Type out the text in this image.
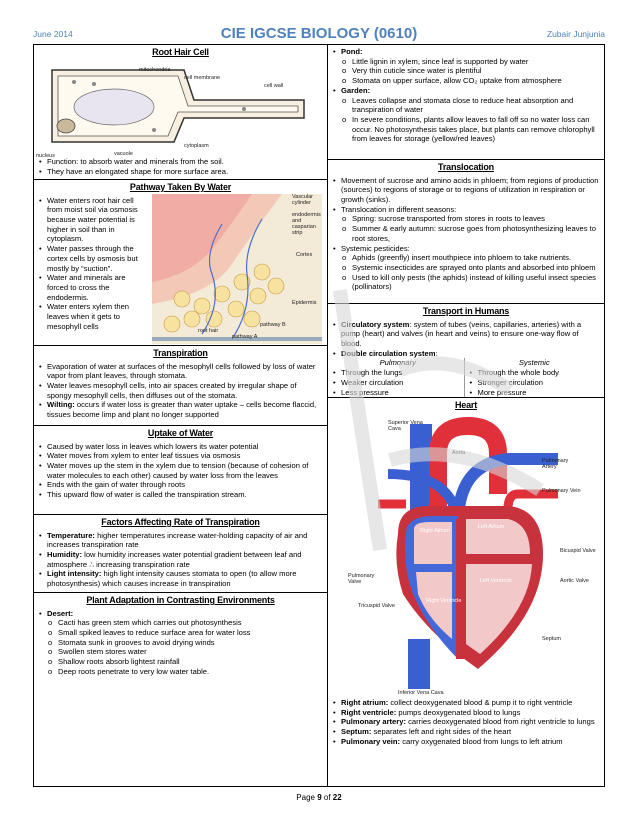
June 2014	CIE IGCSE BIOLOGY (0610)	Zubair Junjunia
Root Hair Cell
mitochondria
cell membrane
cell wall
nucleus	vacuole
cytoplasm
• Function: to absorb water and minerals from the soil.
• They have an elongated shape for more surface area.
Pathway Taken By Water
• Water enters root hair cell from moist soil via osmosis because water potential is higher in soil than in cytoplasm.
• Water passes through the cortex cells by osmosis but mostly by “suction”.
• Water and minerals are forced to cross the endodermis.
• Water enters xylem then leaves when it gets to mesophyll cells
Vascular cylinder
endodermis and casparian strip
Cortex
Epidermis
root hair
pathway A
pathway B
Transpiration
• Evaporation of water at surfaces of the mesophyll cells followed by loss of water vapor from plant leaves, through stomata.
• Water leaves mesophyll cells, into air spaces created by irregular shape of spongy mesophyll cells, then diffuses out of the stomata.
• Wilting: occurs if water loss is greater than water uptake – cells become flaccid, tissues become limp and plant no longer supported
Uptake of Water
• Caused by water loss in leaves which lowers its water potential
• Water moves from xylem to enter leaf tissues via osmosis
• Water moves up the stem in the xylem due to tension (because of cohesion of water molecules to each other) caused by water loss from the leaves
• Ends with the gain of water through roots
• This upward flow of water is called the transpiration stream.
Factors Affecting Rate of Transpiration
• Temperature: higher temperatures increase water-holding capacity of air and increases transpiration rate
• Humidity: low humidity increases water potential gradient between leaf and atmosphere ∴ increasing transpiration rate
• Light intensity: high light intensity causes stomata to open (to allow more photosynthesis) which causes increase in transpiration
Plant Adaptation in Contrasting Environments
• Desert:
o Cacti has green stem which carries out photosynthesis
o Small spiked leaves to reduce surface area for water loss
o Stomata sunk in grooves to avoid drying winds
o Swollen stem stores water
o Shallow roots absorb lightest rainfall
o Deep roots penetrate to very low water table.
• Pond:
o Little lignin in xylem, since leaf is supported by water
o Very thin cuticle since water is plentiful
o Stomata on upper surface, allow CO₂ uptake from atmosphere
• Garden:
o Leaves collapse and stomata close to reduce heat absorption and transpiration of water
o In severe conditions, plants allow leaves to fall off so no water loss can occur. No photosynthesis takes place, but plants can remove chlorophyll from leaves for storage (yellow/red leaves)
Translocation
• Movement of sucrose and amino acids in phloem; from regions of production (sources) to regions of storage or to regions of utilization in respiration or growth (sinks).
• Translocation in different seasons:
o Spring: sucrose transported from stores in roots to leaves
o Summer & early autumn: sucrose goes from photosynthesizing leaves to root stores,
• Systemic pesticides:
o Aphids (greenfly) insert mouthpiece into phloem to take nutrients.
o Systemic insecticides are sprayed onto plants and absorbed into phloem
o Used to kill only pests (the aphids) instead of killing useful insect species (pollinators)
Transport in Humans
• Circulatory system: system of tubes (veins, capillaries, arteries) with a pump (heart) and valves (in heart and veins) to ensure one-way flow of blood.
• Double circulation system:
Pulmonary
• Through the lungs
• Weaker circulation
• Less pressure
Systemic
• Through the whole body
• Stronger circulation
• More pressure
Heart
Superior Vena Cava
Aorta
Pulmonary Artery
Pulmonary Vein
Left Atrium
Right Atrium
Bicuspid Valve
Aortic Valve
Pulmonary Valve	Left Ventricle
Tricuspid Valve
Right Ventricle
Septum
Inferior Vena Cava
• Right atrium: collect deoxygenated blood & pump it to right ventricle
• Right ventricle: pumps deoxygenated blood to lungs
• Pulmonary artery: carries deoxygenated blood from right ventricle to lungs
• Septum: separates left and right sides of the heart
• Pulmonary vein: carry oxygenated blood from lungs to left atrium
Page 9 of 22
